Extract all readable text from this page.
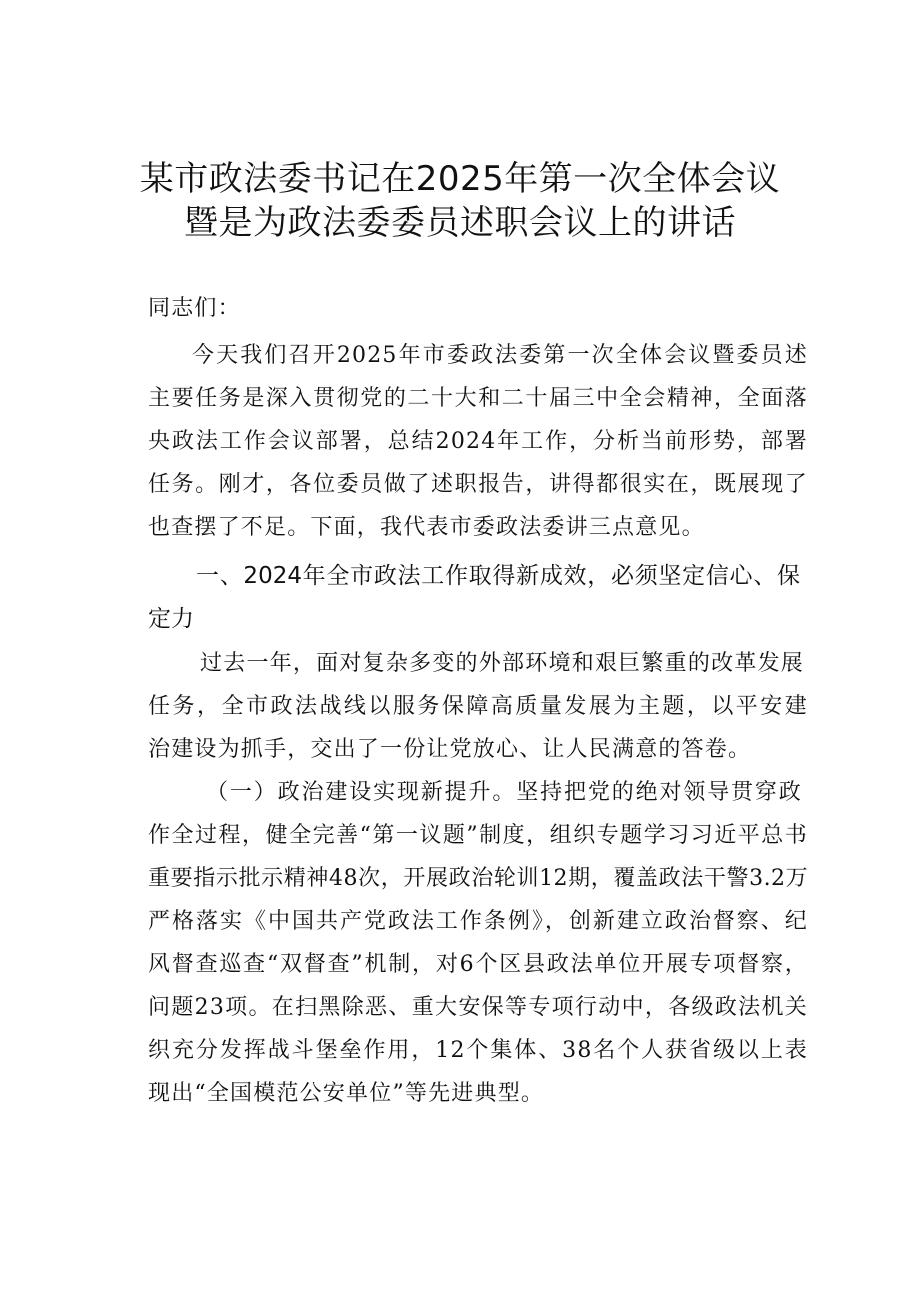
某市政法委书记在2025年第一次全体会议
暨是为政法委委员述职会议上的讲话
同志们：
今天我们召开2025年市委政法委第一次全体会议暨委员述
主要任务是深入贯彻党的二十大和二十届三中全会精神，全面落
央政法工作会议部署，总结2024年工作，分析当前形势，部署
任务。刚才，各位委员做了述职报告，讲得都很实在，既展现了
也查摆了不足。下面，我代表市委政法委讲三点意见。
一、2024年全市政法工作取得新成效，必须坚定信心、保
定力
过去一年，面对复杂多变的外部环境和艰巨繁重的改革发展
任务，全市政法战线以服务保障高质量发展为主题，以平安建
治建设为抓手，交出了一份让党放心、让人民满意的答卷。
（一）政治建设实现新提升。坚持把党的绝对领导贯穿政
作全过程，健全完善“第一议题”制度，组织专题学习习近平总书
重要指示批示精神48次，开展政治轮训12期，覆盖政法干警3.2万
严格落实《中国共产党政法工作条例》，创新建立政治督察、纪
风督查巡查“双督查”机制，对6个区县政法单位开展专项督察，
问题23项。在扫黑除恶、重大安保等专项行动中，各级政法机关
织充分发挥战斗堡垒作用，12个集体、38名个人获省级以上表
现出“全国模范公安单位”等先进典型。
